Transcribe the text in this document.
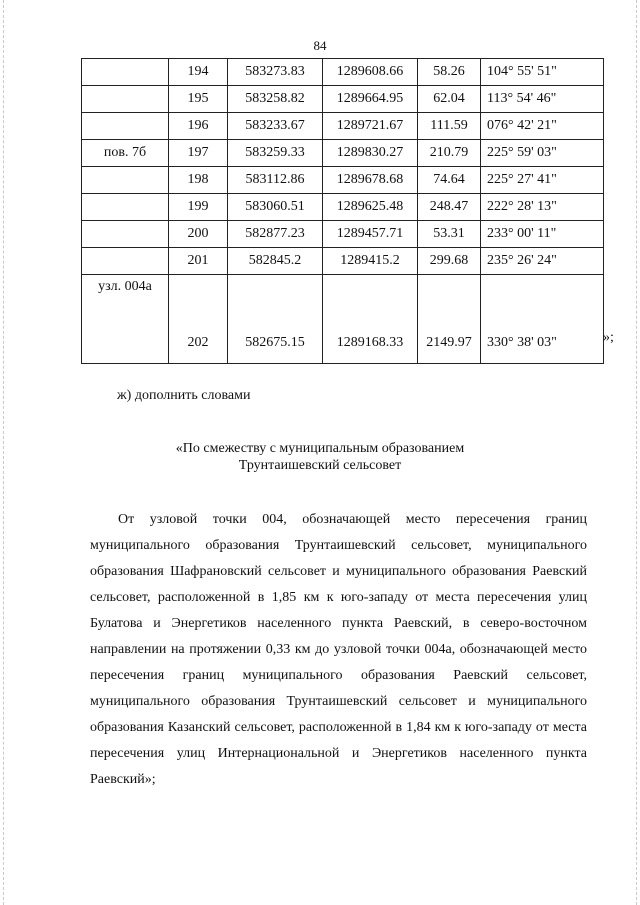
84
	194	583273.83	1289608.66	58.26	104° 55' 51"
	195	583258.82	1289664.95	62.04	113° 54' 46"
	196	583233.67	1289721.67	111.59	076° 42' 21"
пов. 7б	197	583259.33	1289830.27	210.79	225° 59' 03"
	198	583112.86	1289678.68	74.64	225° 27' 41"
	199	583060.51	1289625.48	248.47	222° 28' 13"
	200	582877.23	1289457.71	53.31	233° 00' 11"
	201	582845.2	1289415.2	299.68	235° 26' 24"
узл. 004а	202	582675.15	1289168.33	2149.97	330° 38' 03"	»;
ж) дополнить словами
«По смежеству с муниципальным образованием
Трунтаишевский сельсовет

От узловой точки 004, обозначающей место пересечения границ муниципального образования Трунтаишевский сельсовет, муниципального образования Шафрановский сельсовет и муниципального образования Раевский сельсовет, расположенной в 1,85 км к юго-западу от места пересечения улиц Булатова и Энергетиков населенного пункта Раевский, в северо-восточном направлении на протяжении 0,33 км до узловой точки 004а, обозначающей место пересечения границ муниципального образования Раевский сельсовет, муниципального образования Трунтаишевский сельсовет и муниципального образования Казанский сельсовет, расположенной в 1,84 км к юго-западу от места пересечения улиц Интернациональной и Энергетиков населенного пункта Раевский»;
